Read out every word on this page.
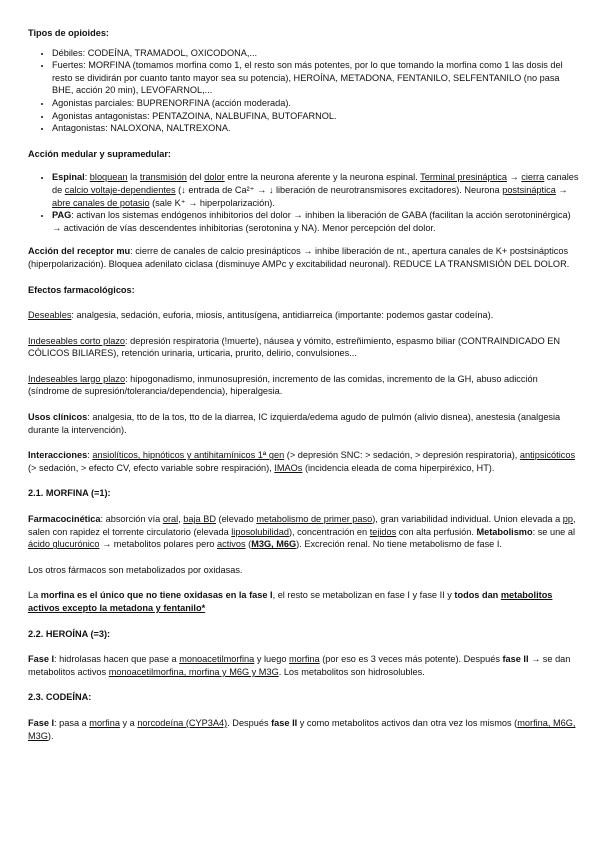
Tipos de opioides:

• Débiles: CODEÍNA, TRAMADOL, OXICODONA,...
• Fuertes: MORFINA (tomamos morfina como 1, el resto son más potentes, por lo que tomando la morfina como 1 las dosis del resto se dividirán por cuanto tanto mayor sea su potencia), HEROÍNA, METADONA, FENTANILO, SELFENTANILO (no pasa BHE, acción 20 min), LEVOFARNOL,...
• Agonistas parciales: BUPRENORFINA (acción moderada).
• Agonistas antagonistas: PENTAZOINA, NALBUFINA, BUTOFARNOL.
• Antagonistas: NALOXONA, NALTREXONA.

Acción medular y supramedular:

• Espinal: bloquean la transmisión del dolor entre la neurona aferente y la neurona espinal. Terminal presináptica → cierra canales de calcio voltaje-dependientes (↓ entrada de Ca²⁺ → ↓ liberación de neurotransmisores excitadores). Neurona postsináptica → abre canales de potasio (sale K⁺ → hiperpolarización).
• PAG: activan los sistemas endógenos inhibitorios del dolor → inhiben la liberación de GABA (facilitan la acción serotoninérgica) → activación de vías descendentes inhibitorias (serotonina y NA). Menor percepción del dolor.

Acción del receptor mu: cierre de canales de calcio presinápticos → inhibe liberación de nt., apertura canales de K+ postsinápticos (hiperpolarización). Bloquea adenilato ciclasa (disminuye AMPc y excitabilidad neuronal). REDUCE LA TRANSMISIÓN DEL DOLOR.

Efectos farmacológicos:

Deseables: analgesia, sedación, euforia, miosis, antitusígena, antidiarreica (importante: podemos gastar codeína).

Indeseables corto plazo: depresión respiratoria (!muerte), náusea y vómito, estreñimiento, espasmo biliar (CONTRAINDICADO EN CÓLICOS BILIARES), retención urinaria, urticaria, prurito, delirio, convulsiones...

Indeseables largo plazo: hipogonadismo, inmunosupresión, incremento de las comidas, incremento de la GH, abuso adicción (síndrome de supresión/tolerancia/dependencia), hiperalgesia.

Usos clínicos: analgesia, tto de la tos, tto de la diarrea, IC izquierda/edema agudo de pulmón (alivio disnea), anestesia (analgesia durante la intervención).

Interacciones: ansiolíticos, hipnóticos y antihitamínicos 1ª gen (> depresión SNC: > sedación, > depresión respiratoria), antipsicóticos (> sedación, > efecto CV, efecto variable sobre respiración), IMAOs (incidencia eleada de coma hiperpiréxico, HT).

2.1. MORFINA (=1):

Farmacocinética: absorción vía oral, baja BD (elevado metabolismo de primer paso), gran variabilidad individual. Union elevada a pp, salen con rapidez el torrente circulatorio (elevada liposolubilidad), concentración en tejidos con alta perfusión. Metabolismo: se une al ácido glucurónico → metabolitos polares pero activos (M3G, M6G). Excreción renal. No tiene metabolismo de fase I.

Los otros fármacos son metabolizados por oxidasas.

La morfina es el único que no tiene oxidasas en la fase I, el resto se metabolizan en fase I y fase II y todos dan metabolitos activos excepto la metadona y fentanilo*

2.2. HEROÍNA (=3):

Fase I: hidrolasas hacen que pase a monoacetilmorfina y luego morfina (por eso es 3 veces más potente). Después fase II → se dan metabolitos activos monoacetilmorfina, morfina y M6G y M3G. Los metabolitos son hidrosolubles.

2.3. CODEÍNA:

Fase I: pasa a morfina y a norcodeína (CYP3A4). Después fase II y como metabolitos activos dan otra vez los mismos (morfina, M6G, M3G).
